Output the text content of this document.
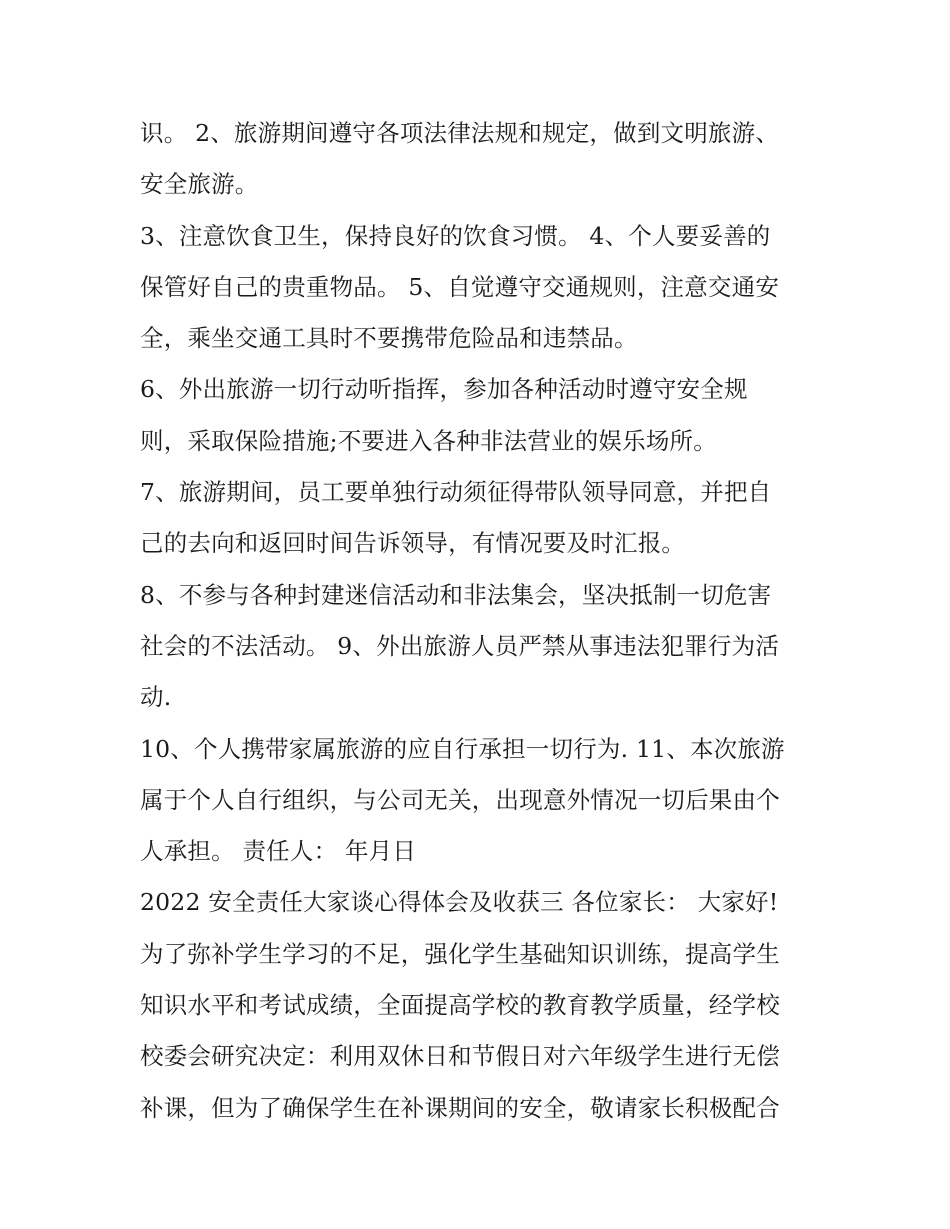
识。 2、旅游期间遵守各项法律法规和规定，做到文明旅游、
安全旅游。
3、注意饮食卫生，保持良好的饮食习惯。 4、个人要妥善的
保管好自己的贵重物品。 5、自觉遵守交通规则，注意交通安
全，乘坐交通工具时不要携带危险品和违禁品。
6、外出旅游一切行动听指挥，参加各种活动时遵守安全规
则，采取保险措施;不要进入各种非法营业的娱乐场所。
7、旅游期间，员工要单独行动须征得带队领导同意，并把自
己的去向和返回时间告诉领导，有情况要及时汇报。
8、不参与各种封建迷信活动和非法集会，坚决抵制一切危害
社会的不法活动。 9、外出旅游人员严禁从事违法犯罪行为活
动.
10、个人携带家属旅游的应自行承担一切行为. 11、本次旅游
属于个人自行组织，与公司无关，出现意外情况一切后果由个
人承担。 责任人： 年月日
2022 安全责任大家谈心得体会及收获三 各位家长： 大家好!
为了弥补学生学习的不足，强化学生基础知识训练，提高学生
知识水平和考试成绩，全面提高学校的教育教学质量，经学校
校委会研究决定：利用双休日和节假日对六年级学生进行无偿
补课，但为了确保学生在补课期间的安全，敬请家长积极配合
